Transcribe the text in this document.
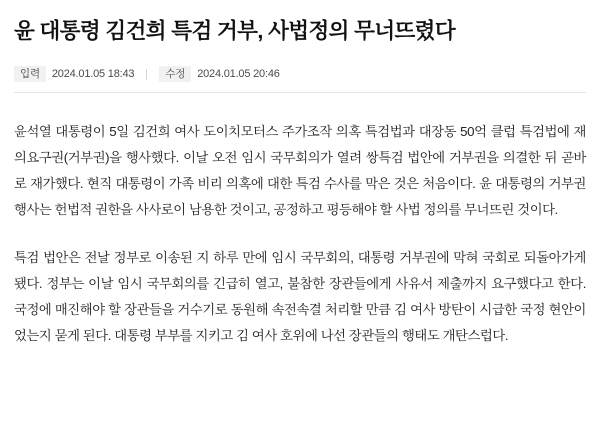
윤 대통령 김건희 특검 거부, 사법정의 무너뜨렸다
입력	2024.01.05 18:43	수정	2024.01.05 20:46

윤석열 대통령이 5일 김건희 여사 도이치모터스 주가조작 의혹 특검법과 대장동 50억 클럽 특검법에 재의요구권(거부권)을 행사했다. 이날 오전 임시 국무회의가 열려 쌍특검 법안에 거부권을 의결한 뒤 곧바로 재가했다. 현직 대통령이 가족 비리 의혹에 대한 특검 수사를 막은 것은 처음이다. 윤 대통령의 거부권 행사는 헌법적 권한을 사사로이 남용한 것이고, 공정하고 평등해야 할 사법 정의를 무너뜨린 것이다.

특검 법안은 전날 정부로 이송된 지 하루 만에 임시 국무회의, 대통령 거부권에 막혀 국회로 되돌아가게 됐다. 정부는 이날 임시 국무회의를 긴급히 열고, 불참한 장관들에게 사유서 제출까지 요구했다고 한다. 국정에 매진해야 할 장관들을 거수기로 동원해 속전속결 처리할 만큼 김 여사 방탄이 시급한 국정 현안이었는지 묻게 된다. 대통령 부부를 지키고 김 여사 호위에 나선 장관들의 행태도 개탄스럽다.
